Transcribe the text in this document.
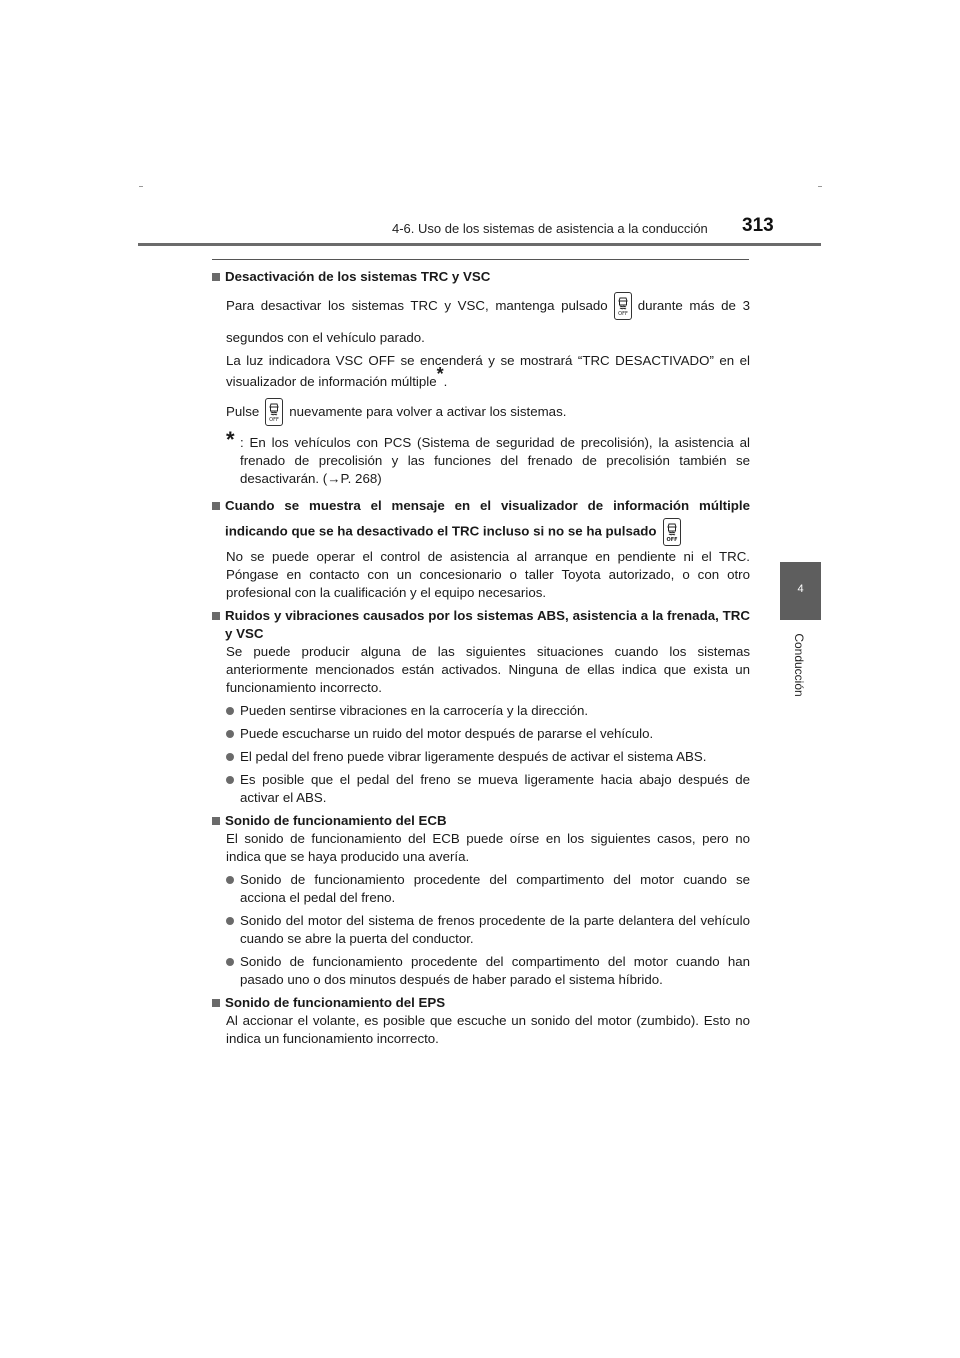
4-6. Uso de los sistemas de asistencia a la conducción 313
4
Conducción

Desactivación de los sistemas TRC y VSC

Para desactivar los sistemas TRC y VSC, mantenga pulsado
OFF
durante más de 3 segundos con el vehículo parado.

La luz indicadora VSC OFF se encenderá y se mostrará “TRC DESACTIVADO” en el visualizador de información múltiple*.

Pulse
OFF
nuevamente para volver a activar los sistemas.

* : En los vehículos con PCS (Sistema de seguridad de precolisión), la asistencia al frenado de precolisión y las funciones del frenado de precolisión también se desactivarán. (→P. 268)

Cuando se muestra el mensaje en el visualizador de información múltiple indicando que se ha desactivado el TRC incluso si no se ha pulsado
OFF

No se puede operar el control de asistencia al arranque en pendiente ni el TRC. Póngase en contacto con un concesionario o taller Toyota autorizado, o con otro profesional con la cualificación y el equipo necesarios.

Ruidos y vibraciones causados por los sistemas ABS, asistencia a la frenada, TRC y VSC

Se puede producir alguna de las siguientes situaciones cuando los sistemas anteriormente mencionados están activados. Ninguna de ellas indica que exista un funcionamiento incorrecto.

Pueden sentirse vibraciones en la carrocería y la dirección.

Puede escucharse un ruido del motor después de pararse el vehículo.

El pedal del freno puede vibrar ligeramente después de activar el sistema ABS.

Es posible que el pedal del freno se mueva ligeramente hacia abajo después de activar el ABS.

Sonido de funcionamiento del ECB

El sonido de funcionamiento del ECB puede oírse en los siguientes casos, pero no indica que se haya producido una avería.

Sonido de funcionamiento procedente del compartimento del motor cuando se acciona el pedal del freno.

Sonido del motor del sistema de frenos procedente de la parte delantera del vehículo cuando se abre la puerta del conductor.

Sonido de funcionamiento procedente del compartimento del motor cuando han pasado uno o dos minutos después de haber parado el sistema híbrido.

Sonido de funcionamiento del EPS

Al accionar el volante, es posible que escuche un sonido del motor (zumbido). Esto no indica un funcionamiento incorrecto.
